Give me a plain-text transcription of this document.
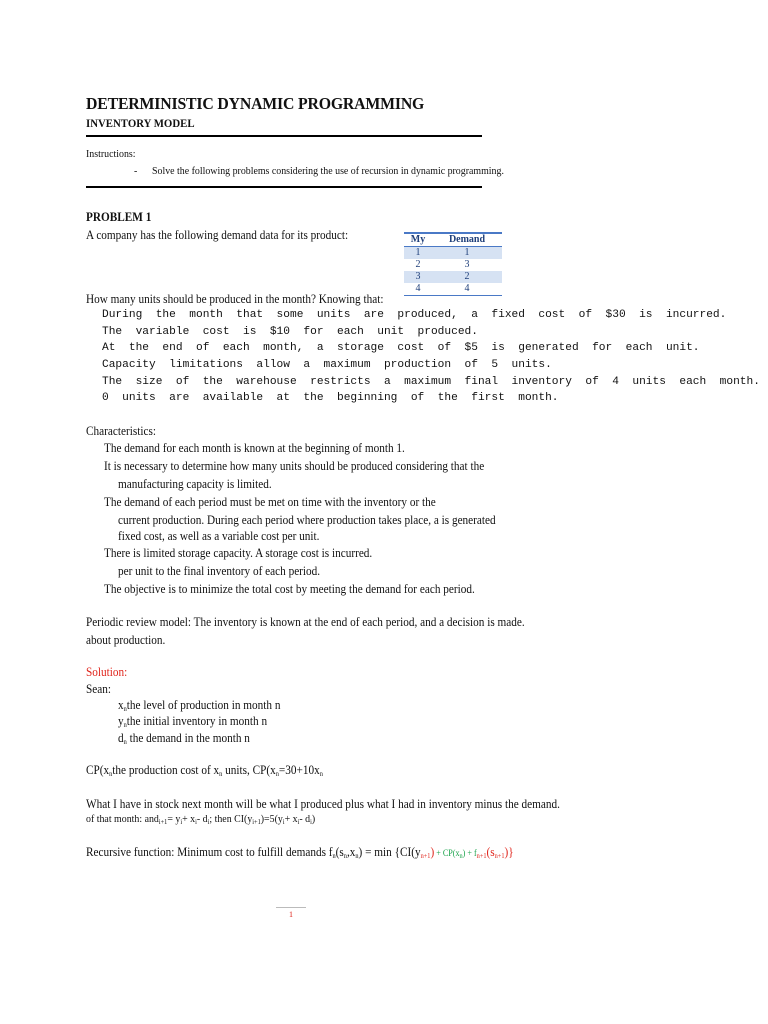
DETERMINISTIC DYNAMIC PROGRAMMING
INVENTORY MODEL
Instructions:
- Solve the following problems considering the use of recursion in dynamic programming.
PROBLEM 1
A company has the following demand data for its product:	My	Demand
1	1
2	3
3	2
4	4
How many units should be produced in the month? Knowing that:
During  the  month  that  some  units  are  produced,  a  fixed  cost  of  $30  is  incurred.
The  variable  cost  is  $10  for  each  unit  produced.
At  the  end  of  each  month,  a  storage  cost  of  $5  is  generated  for  each  unit.
Capacity  limitations  allow  a  maximum  production  of  5  units.
The  size  of  the  warehouse  restricts  a  maximum  final  inventory  of  4  units  each  month.
0  units  are  available  at  the  beginning  of  the  first  month.
Characteristics:
The demand for each month is known at the beginning of month 1.
It is necessary to determine how many units should be produced considering that the
manufacturing capacity is limited.
The demand of each period must be met on time with the inventory or the
current production. During each period where production takes place, a is generated
fixed cost, as well as a variable cost per unit.
There is limited storage capacity. A storage cost is incurred.
per unit to the final inventory of each period.
The objective is to minimize the total cost by meeting the demand for each period.
Periodic review model: The inventory is known at the end of each period, and a decision is made.
about production.
Solution:
Sean:
$x_nthe$ level of production in month n
$y_nthe$ initial inventory in month n
$d_n$ the demand in the month n
$CP(x_nthe$ production cost of $x_n$ units, $CP(x_n=30+10x_n$
What I have in stock next month will be what I produced plus what I had in inventory minus the demand.
of that month: $and_{i+1}= y_i+ x_i-$ $d_i$; then $CI(y_{i+1})=5(y_i+ x_i-$ $d_i$)
Recursive function: Minimum cost to fulfill demands $f_n(s_n,x_n) = \min \{CI(y_{n+1}) + CP(x_n) + f_{n+1}(s_{n+1})\}$
1
